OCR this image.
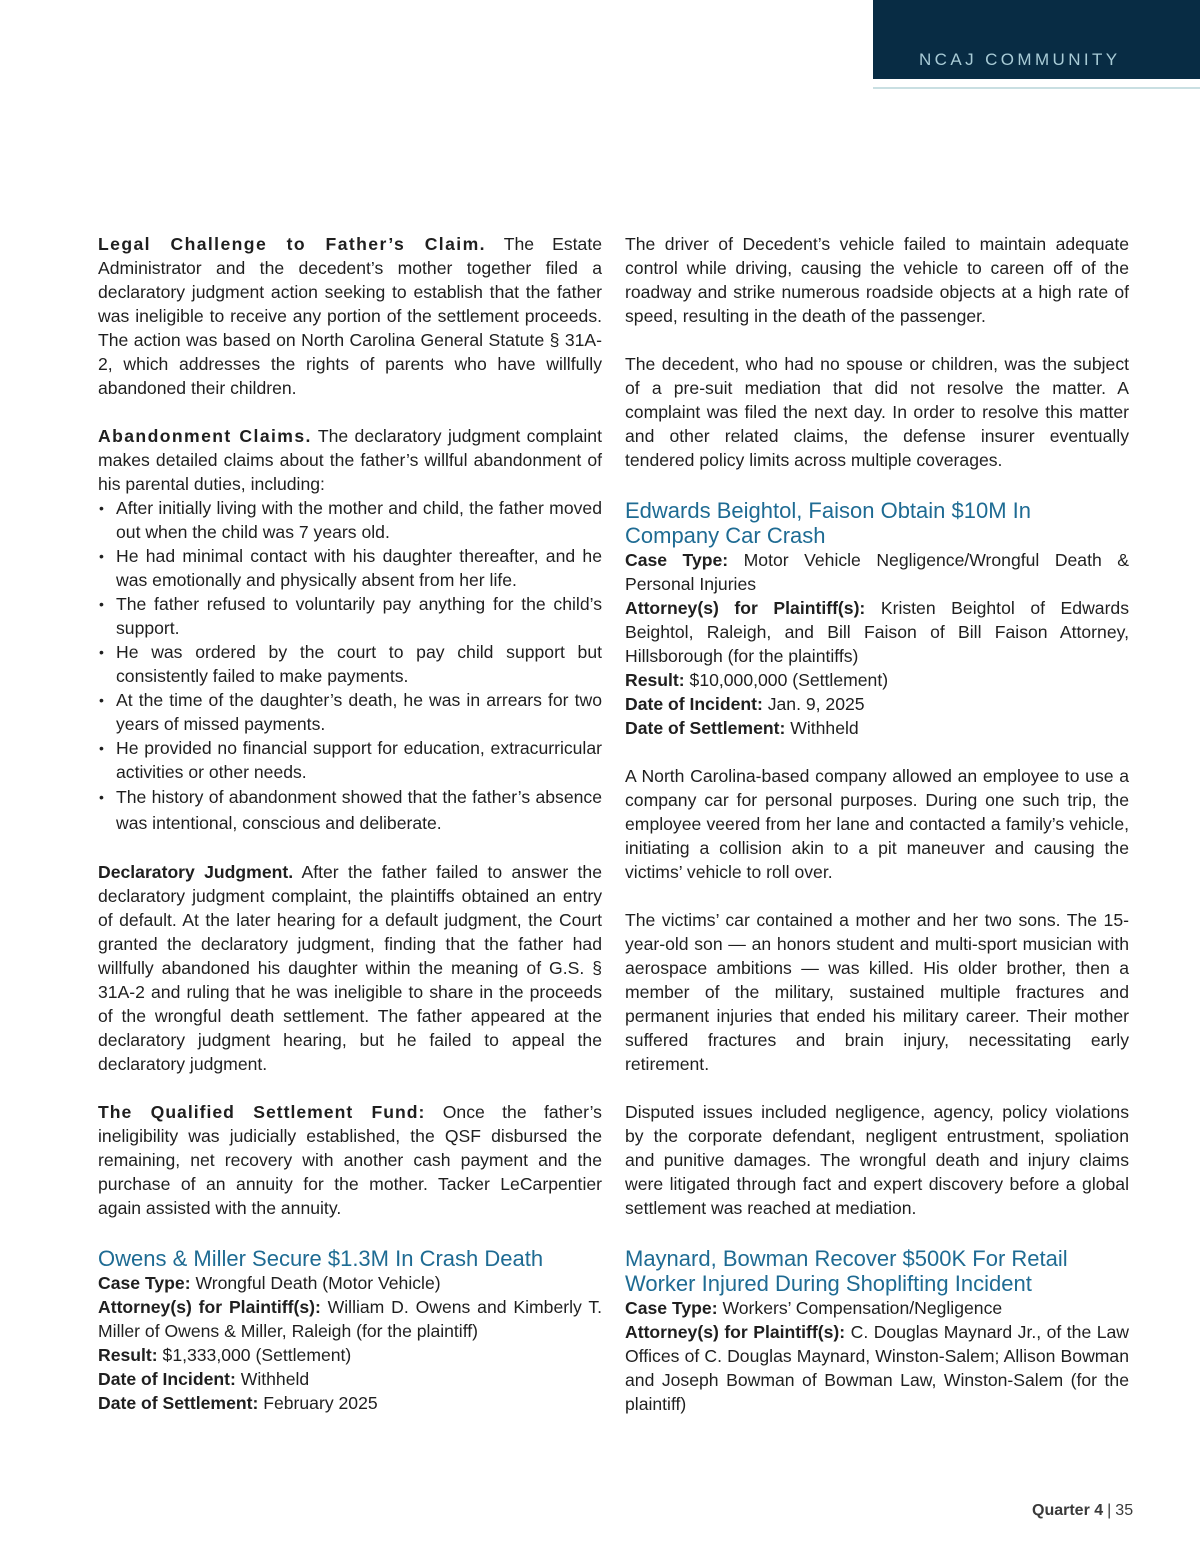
NCAJ COMMUNITY

Legal Challenge to Father’s Claim. The Estate Administrator and the decedent’s mother together filed a declaratory judgment action seeking to establish that the father was ineligible to receive any portion of the settlement proceeds. The action was based on North Carolina General Statute § 31A-2, which addresses the rights of parents who have willfully abandoned their children.

Abandonment Claims. The declaratory judgment complaint makes detailed claims about the father’s willful abandonment of his parental duties, including:

• After initially living with the mother and child, the father moved out when the child was 7 years old.
• He had minimal contact with his daughter thereafter, and he was emotionally and physically absent from her life.
• The father refused to voluntarily pay anything for the child’s support.
• He was ordered by the court to pay child support but consistently failed to make payments.
• At the time of the daughter’s death, he was in arrears for two years of missed payments.
• He provided no financial support for education, extracurricular activities or other needs.
• The history of abandonment showed that the father’s absence was intentional, conscious and deliberate.

Declaratory Judgment. After the father failed to answer the declaratory judgment complaint, the plaintiffs obtained an entry of default. At the later hearing for a default judgment, the Court granted the declaratory judgment, finding that the father had willfully abandoned his daughter within the meaning of G.S. § 31A-2 and ruling that he was ineligible to share in the proceeds of the wrongful death settlement. The father appeared at the declaratory judgment hearing, but he failed to appeal the declaratory judgment.

The Qualified Settlement Fund: Once the father’s ineligibility was judicially established, the QSF disbursed the remaining, net recovery with another cash payment and the purchase of an annuity for the mother. Tacker LeCarpentier again assisted with the annuity.

Owens & Miller Secure $1.3M In Crash Death

Case Type: Wrongful Death (Motor Vehicle)

Attorney(s) for Plaintiff(s): William D. Owens and Kimberly T. Miller of Owens & Miller, Raleigh (for the plaintiff)

Result: $1,333,000 (Settlement)

Date of Incident: Withheld

Date of Settlement: February 2025

The driver of Decedent’s vehicle failed to maintain adequate control while driving, causing the vehicle to careen off of the roadway and strike numerous roadside objects at a high rate of speed, resulting in the death of the passenger.

The decedent, who had no spouse or children, was the subject of a pre-suit mediation that did not resolve the matter. A complaint was filed the next day. In order to resolve this matter and other related claims, the defense insurer eventually tendered policy limits across multiple coverages.

Edwards Beightol, Faison Obtain $10M In Company Car Crash

Case Type: Motor Vehicle Negligence/Wrongful Death & Personal Injuries

Attorney(s) for Plaintiff(s): Kristen Beightol of Edwards Beightol, Raleigh, and Bill Faison of Bill Faison Attorney, Hillsborough (for the plaintiffs)

Result: $10,000,000 (Settlement)

Date of Incident: Jan. 9, 2025

Date of Settlement: Withheld

A North Carolina-based company allowed an employee to use a company car for personal purposes. During one such trip, the employee veered from her lane and contacted a family’s vehicle, initiating a collision akin to a pit maneuver and causing the victims’ vehicle to roll over.

The victims’ car contained a mother and her two sons. The 15-year-old son — an honors student and multi-sport musician with aerospace ambitions — was killed. His older brother, then a member of the military, sustained multiple fractures and permanent injuries that ended his military career. Their mother suffered fractures and brain injury, necessitating early retirement.

Disputed issues included negligence, agency, policy violations by the corporate defendant, negligent entrustment, spoliation and punitive damages. The wrongful death and injury claims were litigated through fact and expert discovery before a global settlement was reached at mediation.

Maynard, Bowman Recover $500K For Retail Worker Injured During Shoplifting Incident

Case Type: Workers’ Compensation/Negligence

Attorney(s) for Plaintiff(s): C. Douglas Maynard Jr., of the Law Offices of C. Douglas Maynard, Winston-Salem; Allison Bowman and Joseph Bowman of Bowman Law, Winston-Salem (for the plaintiff)

Quarter 4 | 35
